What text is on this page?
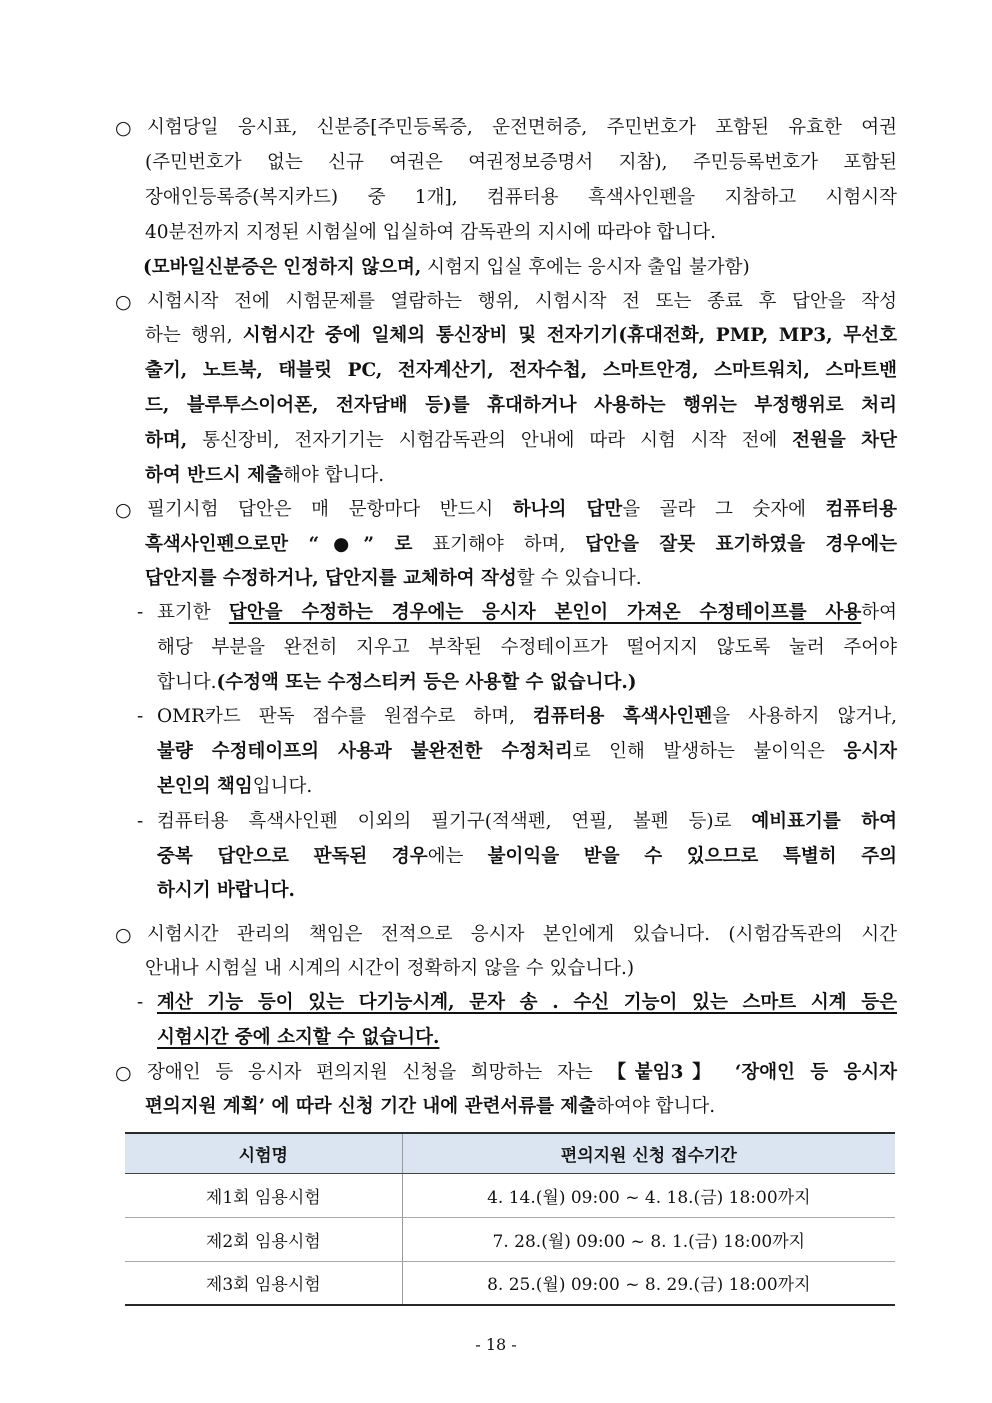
○ 시험당일 응시표, 신분증[주민등록증, 운전면허증, 주민번호가 포함된 유효한 여권
(주민번호가 없는 신규 여권은 여권정보증명서 지참), 주민등록번호가 포함된
장애인등록증(복지카드) 중 1개], 컴퓨터용 흑색사인펜을 지참하고 시험시작
40분전까지 지정된 시험실에 입실하여 감독관의 지시에 따라야 합니다.
(모바일신분증은 인정하지 않으며, 시험지 입실 후에는 응시자 출입 불가함)
○ 시험시작 전에 시험문제를 열람하는 행위, 시험시작 전 또는 종료 후 답안을 작성
하는 행위, 시험시간 중에 일체의 통신장비 및 전자기기(휴대전화, PMP, MP3, 무선호
출기, 노트북, 태블릿 PC, 전자계산기, 전자수첩, 스마트안경, 스마트워치, 스마트밴
드, 블루투스이어폰, 전자담배 등)를 휴대하거나 사용하는 행위는 부정행위로 처리
하며, 통신장비, 전자기기는 시험감독관의 안내에 따라 시험 시작 전에 전원을 차단
하여 반드시 제출해야 합니다.
○ 필기시험 답안은 매 문항마다 반드시 하나의 답만을 골라 그 숫자에 컴퓨터용
흑색사인펜으로만 “●” 로 표기해야 하며, 답안을 잘못 표기하였을 경우에는
답안지를 수정하거나, 답안지를 교체하여 작성할 수 있습니다.
- 표기한 답안을 수정하는 경우에는 응시자 본인이 가져온 수정테이프를 사용하여
해당 부분을 완전히 지우고 부착된 수정테이프가 떨어지지 않도록 눌러 주어야
합니다.(수정액 또는 수정스티커 등은 사용할 수 없습니다.)
- OMR카드 판독 점수를 원점수로 하며, 컴퓨터용 흑색사인펜을 사용하지 않거나,
불량 수정테이프의 사용과 불완전한 수정처리로 인해 발생하는 불이익은 응시자
본인의 책임입니다.
- 컴퓨터용 흑색사인펜 이외의 필기구(적색펜, 연필, 볼펜 등)로 예비표기를 하여
중복 답안으로 판독된 경우에는 불이익을 받을 수 있으므로 특별히 주의
하시기 바랍니다.
○ 시험시간 관리의 책임은 전적으로 응시자 본인에게 있습니다. (시험감독관의 시간
안내나 시험실 내 시계의 시간이 정확하지 않을 수 있습니다.)
- 계산 기능 등이 있는 다기능시계, 문자 송 . 수신 기능이 있는 스마트 시계 등은
시험시간 중에 소지할 수 없습니다.
○ 장애인 등 응시자 편의지원 신청을 희망하는 자는 【붙임3】 ‘장애인 등 응시자
편의지원 계획’ 에 따라 신청 기간 내에 관련서류를 제출하여야 합니다.
시험명	편의지원 신청 접수기간
제1회 임용시험	4. 14.(월) 09:00 ~ 4. 18.(금) 18:00까지
제2회 임용시험	7. 28.(월) 09:00 ~ 8. 1.(금) 18:00까지
제3회 임용시험	8. 25.(월) 09:00 ~ 8. 29.(금) 18:00까지
- 18 -
